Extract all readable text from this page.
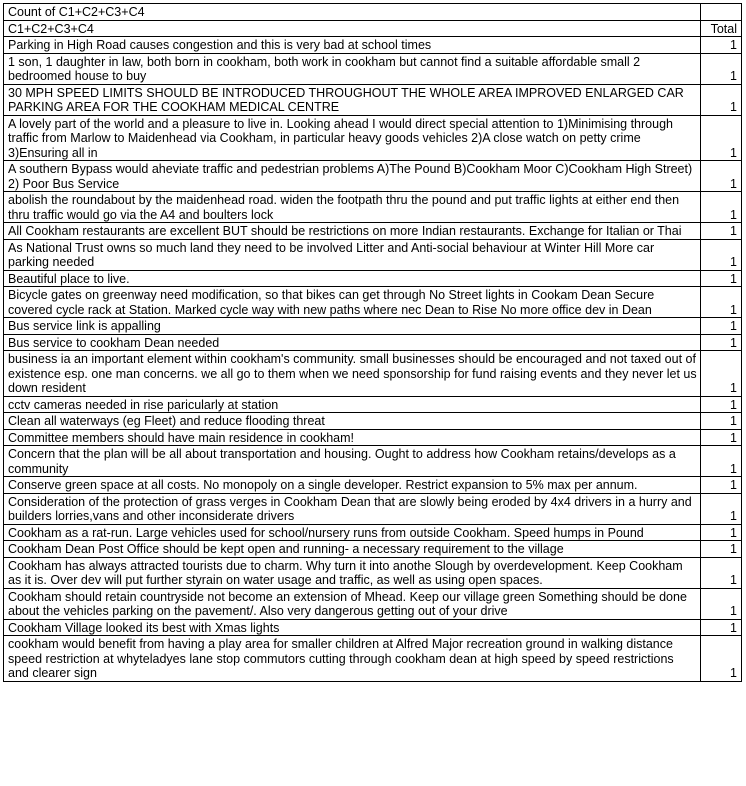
Count of C1+C2+C3+C4	
C1+C2+C3+C4	Total
Parking in High Road causes congestion and this is very bad at school times	1
1 son, 1 daughter in law, both born in cookham, both work in cookham but cannot find a suitable affordable small 2 bedroomed house to buy	1
30 MPH SPEED LIMITS SHOULD BE INTRODUCED THROUGHOUT THE WHOLE AREA IMPROVED ENLARGED CAR PARKING AREA FOR THE COOKHAM MEDICAL CENTRE	1
A lovely part of the world and a pleasure to live in. Looking ahead I would direct special attention to 1)Minimising through traffic from Marlow to Maidenhead via Cookham, in particular heavy goods vehicles 2)A close watch on petty crime 3)Ensuring all in	1
A southern Bypass would aheviate traffic and pedestrian problems A)The Pound B)Cookham Moor C)Cookham High Street) 2) Poor Bus Service	1
abolish the roundabout by the maidenhead road. widen the footpath thru the pound and put traffic lights at either end then thru traffic would go via the A4 and boulters lock	1
All Cookham restaurants are excellent BUT should be restrictions on more Indian restaurants. Exchange for Italian or Thai	1
As National Trust owns so much land they need to be involved Litter and Anti-social behaviour at Winter Hill More car parking needed	1
Beautiful place to live.	1
Bicycle gates on greenway need modification, so that bikes can get through No Street lights in Cookam Dean Secure covered cycle rack at Station. Marked cycle way with new paths where nec Dean to Rise No more office dev in Dean	1
Bus service link is appalling	1
Bus service to cookham Dean needed	1
business ia an important element within cookham's community. small businesses should be encouraged and not taxed out of existence esp. one man concerns. we all go to them when we need sponsorship for fund raising events and they never let us down resident	1
cctv cameras needed in rise paricularly at station	1
Clean all waterways (eg Fleet) and reduce flooding threat	1
Committee members should have main residence in cookham!	1
Concern that the plan will be all about transportation and housing. Ought to address how Cookham retains/develops as a community	1
Conserve green space at all costs. No monopoly on a single developer. Restrict expansion to 5% max per annum.	1
Consideration of the protection of grass verges in Cookham Dean that are slowly being eroded by 4x4 drivers in a hurry and builders lorries,vans and other inconsiderate drivers	1
Cookham as a rat-run. Large vehicles used for school/nursery runs from outside Cookham. Speed humps in Pound	1
Cookham Dean Post Office should be kept open and running- a necessary requirement to the village	1
Cookham has always attracted tourists due to charm. Why turn it into anothe Slough by overdevelopment. Keep Cookham as it is. Over dev will put further styrain on water usage and traffic, as well as using open spaces.	1
Cookham should retain countryside not become an extension of Mhead. Keep our village green Something should be done about the vehicles parking on the pavement/. Also very dangerous getting out of your drive	1
Cookham Village looked its best with Xmas lights	1
cookham would benefit from having a play area for smaller children at Alfred Major recreation ground in walking distance speed restriction at whyteladyes lane stop commutors cutting through cookham dean at high speed by speed restrictions and clearer sign	1
